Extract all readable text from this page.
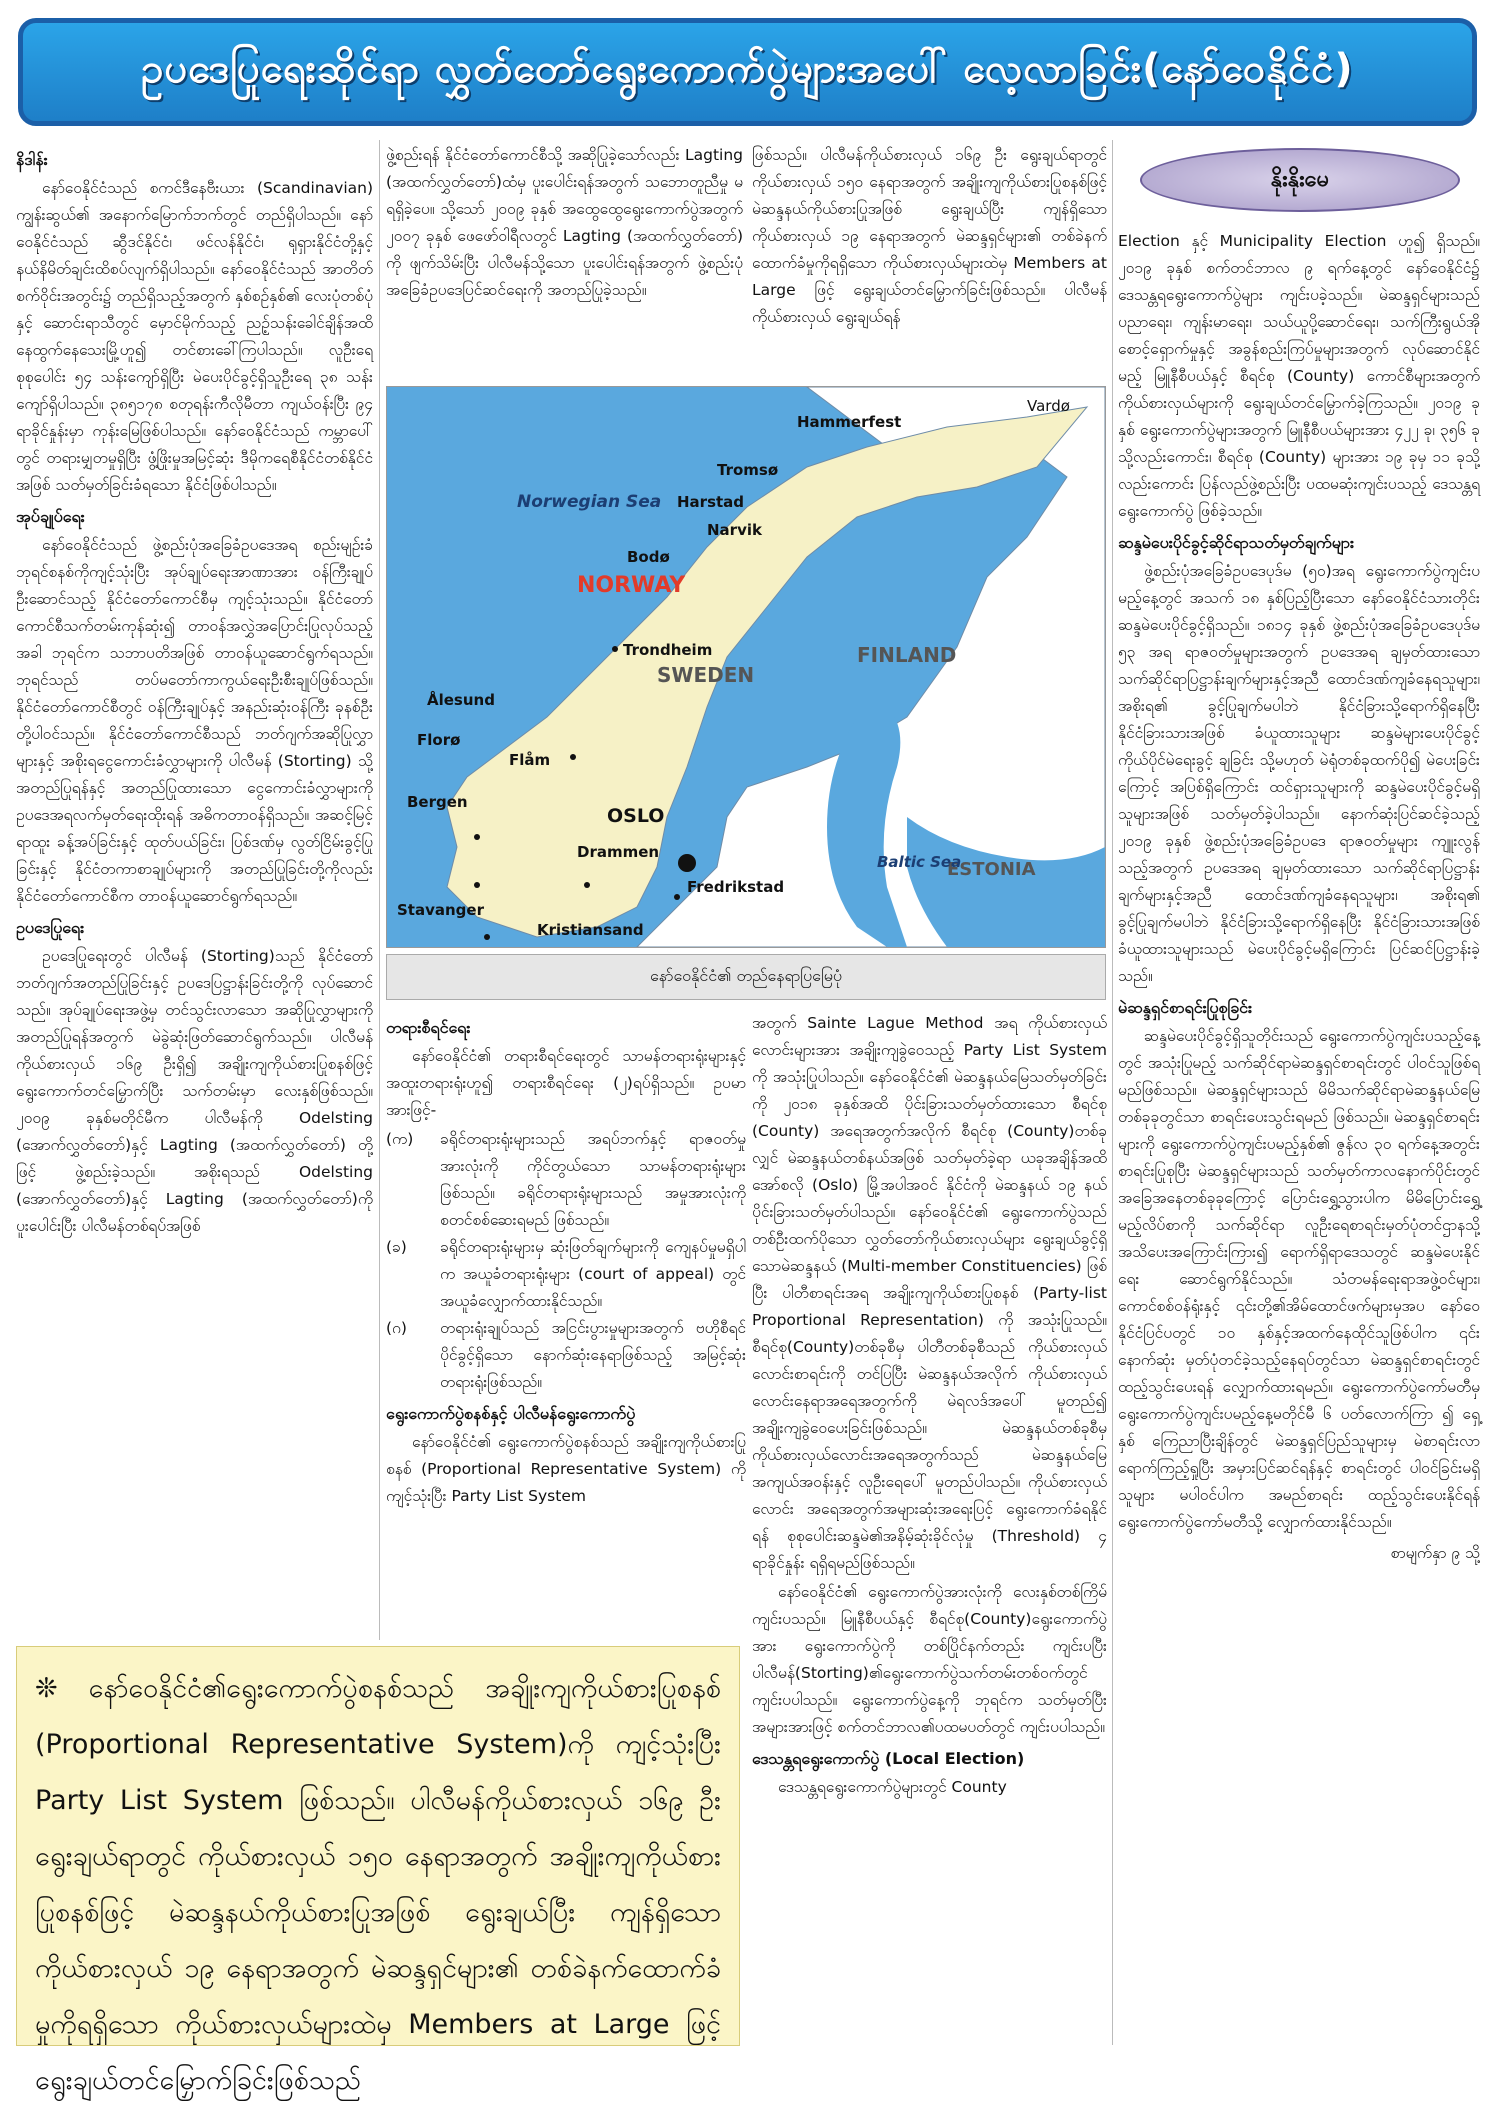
ဥပဒေပြုရေးဆိုင်ရာ လွှတ်တော်ရွေးကောက်ပွဲများအပေါ် လေ့လာခြင်း(နော်ဝေနိုင်ငံ)
နိဒါန်း

နော်ဝေနိုင်ငံသည် စကင်ဒီနေဗီးယား (Scandinavian) ကျွန်းဆွယ်၏ အနောက်မြောက်ဘက်တွင် တည်ရှိပါသည်။ နော်ဝေနိုင်ငံသည် ဆွီဒင်နိုင်ငံ၊ ဖင်လန်နိုင်ငံ၊ ရုရှားနိုင်ငံတို့နှင့် နယ်နိမိတ်ချင်းထိစပ်လျက်ရှိပါသည်။ နော်ဝေနိုင်ငံသည် အာတိတ်စက်ဝိုင်းအတွင်း၌ တည်ရှိသည့်အတွက် နှစ်စဉ်နှစ်၏ လေးပုံတစ်ပုံ နှင့် ဆောင်းရာသီတွင် မှောင်မိုက်သည့် ညဉ့်သန်းခေါင်ချိန်အထိ နေထွက်နေသေးမြို့ဟူ၍ တင်စားခေါ်ကြပါသည်။ လူဦးရေ စုစုပေါင်း ၅၄ သန်းကျော်ရှိပြီး မဲပေးပိုင်ခွင့်ရှိသူဦးရေ ၃၈ သန်းကျော်ရှိပါသည်။ ၃၈၅၁၇၈ စတုရန်းကီလိုမီတာ ကျယ်ဝန်းပြီး ၉၄ ရာခိုင်နှုန်းမှာ ကုန်းမြေဖြစ်ပါသည်။ နော်ဝေနိုင်ငံသည် ကမ္ဘာပေါ်တွင် တရားမျှတမှုရှိပြီး ဖွံ့ဖြိုးမှုအမြင့်ဆုံး ဒီမိုကရေစီနိုင်ငံတစ်နိုင်ငံအဖြစ် သတ်မှတ်ခြင်းခံရသော နိုင်ငံဖြစ်ပါသည်။

အုပ်ချုပ်ရေး

နော်ဝေနိုင်ငံသည် ဖွဲ့စည်းပုံအခြေခံဥပဒေအရ စည်းမျဉ်းခံဘုရင်စနစ်ကိုကျင့်သုံးပြီး အုပ်ချုပ်ရေးအာဏာအား ဝန်ကြီးချုပ်ဦးဆောင်သည့် နိုင်ငံတော်ကောင်စီမှ ကျင့်သုံးသည်။ နိုင်ငံတော်ကောင်စီသက်တမ်းကုန်ဆုံး၍ တာဝန်အလွှဲအပြောင်းပြုလုပ်သည့်အခါ ဘုရင်က သဘာပတိအဖြစ် တာဝန်ယူဆောင်ရွက်ရသည်။ ဘုရင်သည် တပ်မတော်ကာကွယ်ရေးဦးစီးချုပ်ဖြစ်သည်။ နိုင်ငံတော်ကောင်စီတွင် ဝန်ကြီးချုပ်နှင့် အနည်းဆုံးဝန်ကြီး ခုနစ်ဦးတို့ပါဝင်သည်။ နိုင်ငံတော်ကောင်စီသည် ဘတ်ဂျက်အဆိုပြုလွှာများနှင့် အစိုးရငွေကောင်းခံလွှာများကို ပါလီမန် (Storting) သို့ အတည်ပြုရန်နှင့် အတည်ပြုထားသော ငွေကောင်းခံလွှာများကို ဥပဒေအရလက်မှတ်ရေးထိုးရန် အဓိကတာဝန်ရှိသည်။ အဆင့်မြင့်ရာထူး ခန့်အပ်ခြင်းနှင့် ထုတ်ပယ်ခြင်း၊ ပြစ်ဒဏ်မှ လွတ်ငြိမ်းခွင့်ပြုခြင်းနှင့် နိုင်ငံတကာစာချုပ်များကို အတည်ပြုခြင်းတို့ကိုလည်း နိုင်ငံတော်ကောင်စီက တာဝန်ယူဆောင်ရွက်ရသည်။

ဥပဒေပြုရေး

ဥပဒေပြုရေးတွင် ပါလီမန် (Storting)သည် နိုင်ငံတော်ဘတ်ဂျက်အတည်ပြုခြင်းနှင့် ဥပဒေပြဋ္ဌာန်းခြင်းတို့ကို လုပ်ဆောင်သည်။ အုပ်ချုပ်ရေးအဖွဲ့မှ တင်သွင်းလာသော အဆိုပြုလွှာများကို အတည်ပြုရန်အတွက် မဲခွဲဆုံးဖြတ်ဆောင်ရွက်သည်။ ပါလီမန်ကိုယ်စားလှယ် ၁၆၉ ဦးရှိ၍ အချိုးကျကိုယ်စားပြုစနစ်ဖြင့် ရွေးကောက်တင်မြှောက်ပြီး သက်တမ်းမှာ လေးနှစ်ဖြစ်သည်။ ၂၀၀၉ ခုနှစ်မတိုင်မီက ပါလီမန်ကို Odelsting (အောက်လွှတ်တော်)နှင့် Lagting (အထက်လွှတ်တော်) တို့ဖြင့် ဖွဲ့စည်းခဲ့သည်။ အစိုးရသည် Odelsting (အောက်လွှတ်တော်)နှင့် Lagting (အထက်လွှတ်တော်)ကို ပူးပေါင်းပြီး ပါလီမန်တစ်ရပ်အဖြစ်

ဖွဲ့စည်းရန် နိုင်ငံတော်ကောင်စီသို့ အဆိုပြုခဲ့သော်လည်း Lagting (အထက်လွှတ်တော်)ထံမှ ပူးပေါင်းရန်အတွက် သဘောတူညီမှု မရရှိခဲ့ပေ။ သို့သော် ၂၀၀၉ ခုနှစ် အထွေထွေရွေးကောက်ပွဲအတွက် ၂၀၀၇ ခုနှစ် ဖေဖော်ဝါရီလတွင် Lagting (အထက်လွှတ်တော်) ကို ဖျက်သိမ်းပြီး ပါလီမန်သို့သော ပူးပေါင်းရန်အတွက် ဖွဲ့စည်းပုံအခြေခံဥပဒေပြင်ဆင်ရေးကို အတည်ပြုခဲ့သည်။

ဖြစ်သည်။ ပါလီမန်ကိုယ်စားလှယ် ၁၆၉ ဦး ရွေးချယ်ရာတွင် ကိုယ်စားလှယ် ၁၅၀ နေရာအတွက် အချိုးကျကိုယ်စားပြုစနစ်ဖြင့် မဲဆန္ဒနယ်ကိုယ်စားပြုအဖြစ် ရွေးချယ်ပြီး ကျန်ရှိသောကိုယ်စားလှယ် ၁၉ နေရာအတွက် မဲဆန္ဒရှင်များ၏ တစ်ခဲနက်ထောက်ခံမှုကိုရရှိသော ကိုယ်စားလှယ်များထဲမှ Members at Large ဖြင့် ရွေးချယ်တင်မြှောက်ခြင်းဖြစ်သည်။ ပါလီမန်ကိုယ်စားလှယ် ရွေးချယ်ရန်

Norwegian Sea
NORWAY
SWEDEN
FINLAND
ESTONIA
Baltic Sea
Vardø
Hammerfest
Tromsø
Harstad
Narvik
Bodø
Trondheim
Ålesund
Florø
Flåm
Bergen
OSLO
Drammen
Fredrikstad
Stavanger
Kristiansand
နော်ဝေနိုင်ငံ၏ တည်နေရာပြမြေပုံ
တရားစီရင်ရေး

နော်ဝေနိုင်ငံ၏ တရားစီရင်ရေးတွင် သာမန်တရားရုံးများနှင့် အထူးတရားရုံးဟူ၍ တရားစီရင်ရေး (၂)ရပ်ရှိသည်။ ဥပမာအားဖြင့်-

(က)	ခရိုင်တရားရုံးများသည် အရပ်ဘက်နှင့် ရာဇဝတ်မှုအားလုံးကို ကိုင်တွယ်သော သာမန်တရားရုံးများဖြစ်သည်။ ခရိုင်တရားရုံးများသည် အမှုအားလုံးကို စတင်စစ်ဆေးရမည် ဖြစ်သည်။
(ခ)	ခရိုင်တရားရုံးများမှ ဆုံးဖြတ်ချက်များကို ကျေနပ်မှုမရှိပါက အယူခံတရားရုံးများ (court of appeal) တွင် အယူခံလျှောက်ထားနိုင်သည်။
(ဂ)	တရားရုံးချုပ်သည် အငြင်းပွားမှုများအတွက် ဗဟိုစီရင်ပိုင်ခွင့်ရှိသော နောက်ဆုံးနေရာဖြစ်သည့် အမြင့်ဆုံးတရားရုံးဖြစ်သည်။
ရွေးကောက်ပွဲစနစ်နှင့် ပါလီမန်ရွေးကောက်ပွဲ

နော်ဝေနိုင်ငံ၏ ရွေးကောက်ပွဲစနစ်သည် အချိုးကျကိုယ်စားပြုစနစ် (Proportional Representative System) ကို ကျင့်သုံးပြီး Party List System

အတွက် Sainte Lague Method အရ ကိုယ်စားလှယ်လောင်းများအား အချိုးကျခွဲဝေသည့် Party List System ကို အသုံးပြုပါသည်။ နော်ဝေနိုင်ငံ၏ မဲဆန္ဒနယ်မြေသတ်မှတ်ခြင်းကို ၂၀၁၈ ခုနှစ်အထိ ပိုင်းခြားသတ်မှတ်ထားသော စီရင်စု (County) အရေအတွက်အလိုက် စီရင်စု (County)တစ်ခုလျှင် မဲဆန္ဒနယ်တစ်နယ်အဖြစ် သတ်မှတ်ခဲ့ရာ ယခုအချိန်အထိ အော်စလို (Oslo) မြို့အပါအဝင် နိုင်ငံကို မဲဆန္ဒနယ် ၁၉ နယ် ပိုင်းခြားသတ်မှတ်ပါသည်။ နော်ဝေနိုင်ငံ၏ ရွေးကောက်ပွဲသည် တစ်ဦးထက်ပိုသော လွှတ်တော်ကိုယ်စားလှယ်များ ရွေးချယ်ခွင့်ရှိသောမဲဆန္ဒနယ် (Multi-member Constituencies) ဖြစ်ပြီး ပါတီစာရင်းအရ အချိုးကျကိုယ်စားပြုစနစ် (Party-list Proportional Representation) ကို အသုံးပြုသည်။ စီရင်စု(County)တစ်ခုစီမှ ပါတီတစ်ခုစီသည် ကိုယ်စားလှယ်လောင်းစာရင်းကို တင်ပြပြီး မဲဆန္ဒနယ်အလိုက် ကိုယ်စားလှယ်လောင်းနေရာအရေအတွက်ကို မဲရလဒ်အပေါ် မူတည်၍ အချိုးကျခွဲဝေပေးခြင်းဖြစ်သည်။ မဲဆန္ဒနယ်တစ်ခုစီမှ ကိုယ်စားလှယ်လောင်းအရေအတွက်သည် မဲဆန္ဒနယ်မြေအကျယ်အဝန်းနှင့် လူဦးရေပေါ် မူတည်ပါသည်။ ကိုယ်စားလှယ်လောင်း အရေအတွက်အများဆုံးအရေးပြင့် ရွေးကောက်ခံရနိုင်ရန် စုစုပေါင်းဆန္ဒမဲ၏အနိမ့်ဆုံးခိုင်လုံမှု (Threshold) ၄ ရာခိုင်နှုန်း ရရှိရမည်ဖြစ်သည်။

နော်ဝေနိုင်ငံ၏ ရွေးကောက်ပွဲအားလုံးကို လေးနှစ်တစ်ကြိမ် ကျင်းပသည်။ မြူနီစီပယ်နှင့် စီရင်စု(County)ရွေးကောက်ပွဲအား ရွေးကောက်ပွဲကို တစ်ပြိုင်နက်တည်း ကျင်းပပြီး ပါလီမန်(Storting)၏ရွေးကောက်ပွဲသက်တမ်းတစ်ဝက်တွင် ကျင်းပပါသည်။ ရွေးကောက်ပွဲနေ့ကို ဘုရင်က သတ်မှတ်ပြီး အများအားဖြင့် စက်တင်ဘာလ၏ပထမပတ်တွင် ကျင်းပပါသည်။

ဒေသန္တရရွေးကောက်ပွဲ (Local Election)

ဒေသန္တရရွေးကောက်ပွဲများတွင် County

နိုးနိုးမေ

Election နှင့် Municipality Election ဟူ၍ ရှိသည်။ ၂၀၁၉ ခုနှစ် စက်တင်ဘာလ ၉ ရက်နေ့တွင် နော်ဝေနိုင်ငံ၌ ဒေသန္တရရွေးကောက်ပွဲများ ကျင်းပခဲ့သည်။ မဲဆန္ဒရှင်များသည် ပညာရေး၊ ကျန်းမာရေး၊ သယ်ယူပို့ဆောင်ရေး၊ သက်ကြီးရွယ်အိုစောင့်ရှောက်မှုနှင့် အခွန်စည်းကြပ်မှုများအတွက် လုပ်ဆောင်နိုင်မည့် မြူနီစီပယ်နှင့် စီရင်စု (County) ကောင်စီများအတွက် ကိုယ်စားလှယ်များကို ရွေးချယ်တင်မြှောက်ခဲ့ကြသည်။ ၂၀၁၉ ခုနှစ် ရွေးကောက်ပွဲများအတွက် မြူနီစီပယ်များအား ၄၂၂ ခု၊ ၃၅၆ ခုသို့လည်းကောင်း၊ စီရင်စု (County) များအား ၁၉ ခုမှ ၁၁ ခုသို့လည်းကောင်း ပြန်လည်ဖွဲ့စည်းပြီး ပထမဆုံးကျင်းပသည့် ဒေသန္တရရွေးကောက်ပွဲ ဖြစ်ခဲ့သည်။

ဆန္ဒမဲပေးပိုင်ခွင့်ဆိုင်ရာသတ်မှတ်ချက်များ

ဖွဲ့စည်းပုံအခြေခံဥပဒေပုဒ်မ (၅၀)အရ ရွေးကောက်ပွဲကျင်းပမည့်နေ့တွင် အသက် ၁၈ နှစ်ပြည့်ပြီးသော နော်ဝေနိုင်ငံသားတိုင်း ဆန္ဒမဲပေးပိုင်ခွင့်ရှိသည်။ ၁၈၁၄ ခုနှစ် ဖွဲ့စည်းပုံအခြေခံဥပဒေပုဒ်မ ၅၃ အရ ရာဇဝတ်မှုများအတွက် ဥပဒေအရ ချမှတ်ထားသော သက်ဆိုင်ရာပြဋ္ဌာန်းချက်များနှင့်အညီ ထောင်ဒဏ်ကျခံနေရသူများ၊ အစိုးရ၏ ခွင့်ပြုချက်မပါဘဲ နိုင်ငံခြားသို့ရောက်ရှိနေပြီး နိုင်ငံခြားသားအဖြစ် ခံယူထားသူများ ဆန္ဒမဲများပေးပိုင်ခွင့် ကိုယ်ပိုင်မဲရေးခွင့် ချခြင်း သို့မဟုတ် မဲရုံတစ်ခုထက်ပို၍ မဲပေးခြင်းကြောင့် အပြစ်ရှိကြောင်း ထင်ရှားသူများကို ဆန္ဒမဲပေးပိုင်ခွင့်မရှိသူများအဖြစ် သတ်မှတ်ခဲ့ပါသည်။ နောက်ဆုံးပြင်ဆင်ခဲ့သည့် ၂၀၁၉ ခုနှစ် ဖွဲ့စည်းပုံအခြေခံဥပဒေ ရာဇဝတ်မှုများ ကျူးလွန်သည့်အတွက် ဥပဒေအရ ချမှတ်ထားသော သက်ဆိုင်ရာပြဋ္ဌာန်းချက်များနှင့်အညီ ထောင်ဒဏ်ကျခံနေရသူများ၊ အစိုးရ၏ ခွင့်ပြုချက်မပါဘဲ နိုင်ငံခြားသို့ရောက်ရှိနေပြီး နိုင်ငံခြားသားအဖြစ် ခံယူထားသူများသည် မဲပေးပိုင်ခွင့်မရှိကြောင်း ပြင်ဆင်ပြဋ္ဌာန်းခဲ့သည်။

မဲဆန္ဒရှင်စာရင်းပြုစုခြင်း

ဆန္ဒမဲပေးပိုင်ခွင့်ရှိသူတိုင်းသည် ရွေးကောက်ပွဲကျင်းပသည့်နေ့တွင် အသုံးပြုမည့် သက်ဆိုင်ရာမဲဆန္ဒရှင်စာရင်းတွင် ပါဝင်သူဖြစ်ရမည်ဖြစ်သည်။ မဲဆန္ဒရှင်များသည် မိမိသက်ဆိုင်ရာမဲဆန္ဒနယ်မြေတစ်ခုခုတွင်သာ စာရင်းပေးသွင်းရမည် ဖြစ်သည်။ မဲဆန္ဒရှင်စာရင်းများကို ရွေးကောက်ပွဲကျင်းပမည့်နှစ်၏ ဇွန်လ ၃၀ ရက်နေ့အတွင်း စာရင်းပြုစုပြီး မဲဆန္ဒရှင်များသည် သတ်မှတ်ကာလနောက်ပိုင်းတွင် အခြေအနေတစ်ခုခုကြောင့် ပြောင်းရွှေ့သွားပါက မိမိပြောင်းရွှေ့မည့်လိပ်စာကို သက်ဆိုင်ရာ လူဦးရေစာရင်းမှတ်ပုံတင်ဌာနသို့ အသိပေးအကြောင်းကြား၍ ရောက်ရှိရာဒေသတွင် ဆန္ဒမဲပေးနိုင်ရေး ဆောင်ရွက်နိုင်သည်။ သံတမန်ရေးရာအဖွဲ့ဝင်များ၊ ကောင်စစ်ဝန်ရုံးနှင့် ၎င်းတို့၏အိမ်ထောင်ဖက်များမှအပ နော်ဝေနိုင်ငံပြင်ပတွင် ၁၀ နှစ်နှင့်အထက်နေထိုင်သူဖြစ်ပါက ၎င်းနောက်ဆုံး မှတ်ပုံတင်ခဲ့သည့်နေရပ်တွင်သာ မဲဆန္ဒရှင်စာရင်းတွင် ထည့်သွင်းပေးရန် လျှောက်ထားရမည်။ ရွေးကောက်ပွဲကော်မတီမှ ရွေးကောက်ပွဲကျင်းပမည့်နေ့မတိုင်မီ ၆ ပတ်လောက်ကြာ ၍ ရှေ့နှစ် ကြေညာပြီးချိန်တွင် မဲဆန္ဒရှင်ပြည်သူများမှ မဲစာရင်းလာရောက်ကြည့်ရှုပြီး အမှားပြင်ဆင်ရန်နှင့် စာရင်းတွင် ပါဝင်ခြင်းမရှိသူများ မပါဝင်ပါက အမည်စာရင်း ထည့်သွင်းပေးနိုင်ရန် ရွေးကောက်ပွဲကော်မတီသို့ လျှောက်ထားနိုင်သည်။

စာမျက်နှာ ၉ သို့
❊ နော်ဝေနိုင်ငံ၏ရွေးကောက်ပွဲစနစ်သည် အချိုးကျကိုယ်စားပြုစနစ် (Proportional Representative System)ကို ကျင့်သုံးပြီး Party List System ဖြစ်သည်။ ပါလီမန်ကိုယ်စားလှယ် ၁၆၉ ဦး ရွေးချယ်ရာတွင် ကိုယ်စားလှယ် ၁၅၀ နေရာအတွက် အချိုးကျကိုယ်စားပြုစနစ်ဖြင့် မဲဆန္ဒနယ်ကိုယ်စားပြုအဖြစ် ရွေးချယ်ပြီး ကျန်ရှိသောကိုယ်စားလှယ် ၁၉ နေရာအတွက် မဲဆန္ဒရှင်များ၏ တစ်ခဲနက်ထောက်ခံမှုကိုရရှိသော ကိုယ်စားလှယ်များထဲမှ Members at Large ဖြင့် ရွေးချယ်တင်မြှောက်ခြင်းဖြစ်သည်
